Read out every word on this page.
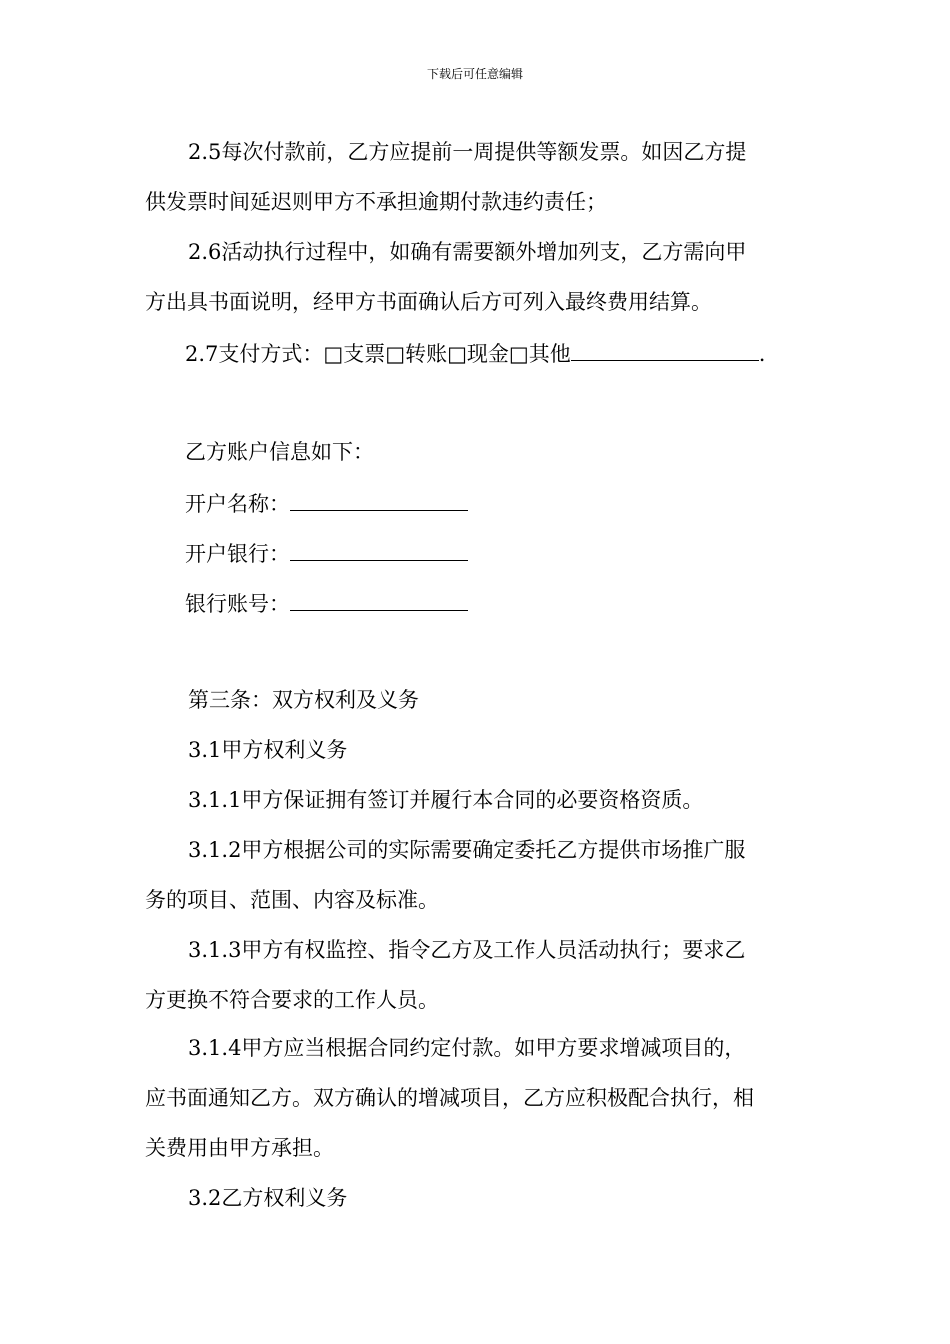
下载后可任意编辑
2.5每次付款前，乙方应提前一周提供等额发票。如因乙方提
供发票时间延迟则甲方不承担逾期付款违约责任；
2.6活动执行过程中，如确有需要额外增加列支，乙方需向甲
方出具书面说明，经甲方书面确认后方可列入最终费用结算。
2.7支付方式：□支票□转账□现金□其他	.
乙方账户信息如下：
开户名称：
开户银行：
银行账号：
第三条：双方权利及义务
3.1甲方权利义务
3.1.1甲方保证拥有签订并履行本合同的必要资格资质。
3.1.2甲方根据公司的实际需要确定委托乙方提供市场推广服
务的项目、范围、内容及标准。
3.1.3甲方有权监控、指令乙方及工作人员活动执行；要求乙
方更换不符合要求的工作人员。
3.1.4甲方应当根据合同约定付款。如甲方要求增减项目的，
应书面通知乙方。双方确认的增减项目，乙方应积极配合执行，相
关费用由甲方承担。
3.2乙方权利义务
